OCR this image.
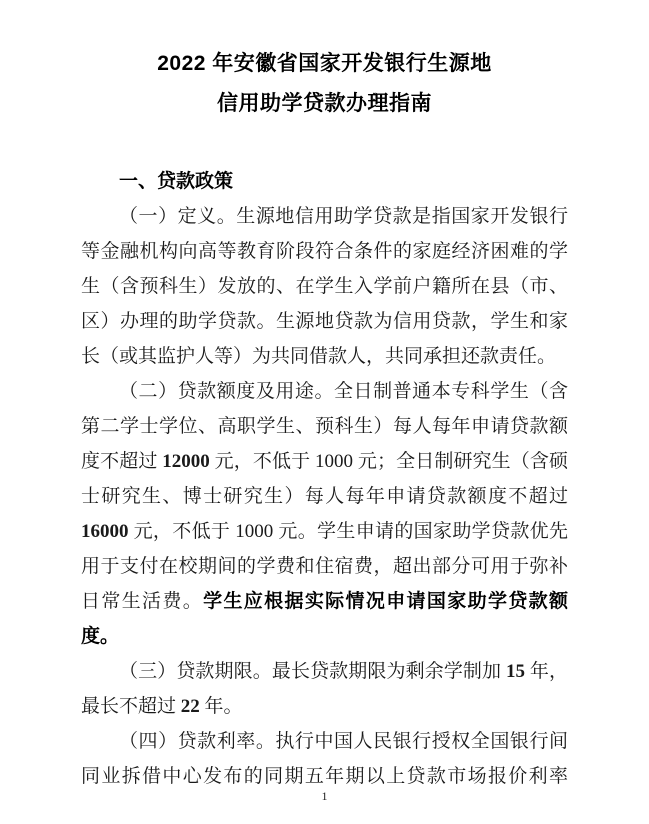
2022 年安徽省国家开发银行生源地
信用助学贷款办理指南

一、贷款政策

（一）定义。生源地信用助学贷款是指国家开发银行等金融机构向高等教育阶段符合条件的家庭经济困难的学生（含预科生）发放的、在学生入学前户籍所在县（市、区）办理的助学贷款。生源地贷款为信用贷款，学生和家长（或其监护人等）为共同借款人，共同承担还款责任。

（二）贷款额度及用途。全日制普通本专科学生（含第二学士学位、高职学生、预科生）每人每年申请贷款额度不超过 12000 元，不低于 1000 元；全日制研究生（含硕士研究生、博士研究生）每人每年申请贷款额度不超过 16000 元，不低于 1000 元。学生申请的国家助学贷款优先用于支付在校期间的学费和住宿费，超出部分可用于弥补日常生活费。学生应根据实际情况申请国家助学贷款额度。

（三）贷款期限。最长贷款期限为剩余学制加 15 年，最长不超过 22 年。

（四）贷款利率。执行中国人民银行授权全国银行间同业拆借中心发布的同期五年期以上贷款市场报价利率

1
